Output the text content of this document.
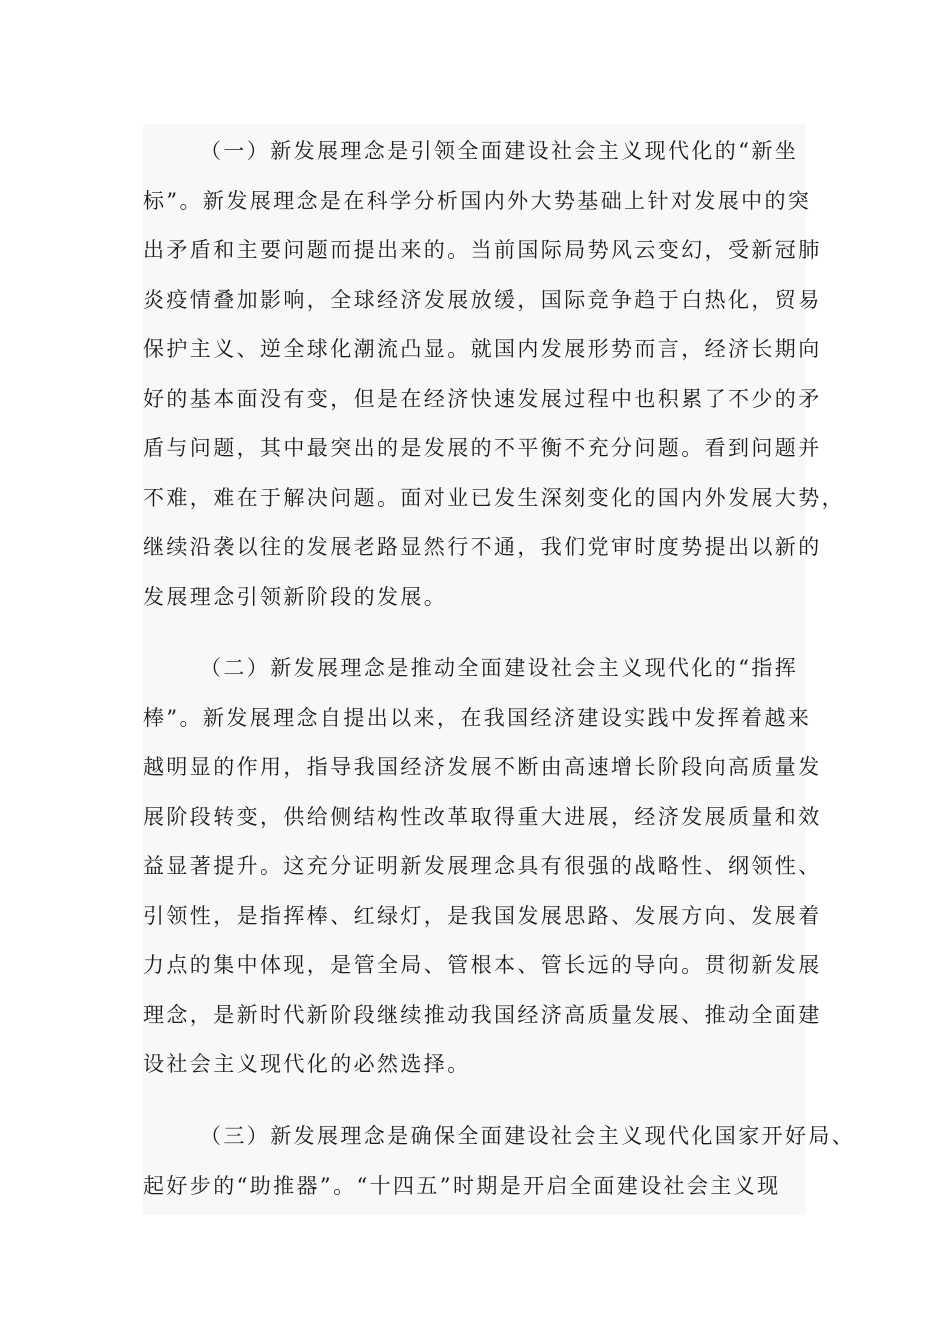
（一）新发展理念是引领全面建设社会主义现代化的“新坐
标”。新发展理念是在科学分析国内外大势基础上针对发展中的突
出矛盾和主要问题而提出来的。当前国际局势风云变幻，受新冠肺
炎疫情叠加影响，全球经济发展放缓，国际竞争趋于白热化，贸易
保护主义、逆全球化潮流凸显。就国内发展形势而言，经济长期向
好的基本面没有变，但是在经济快速发展过程中也积累了不少的矛
盾与问题，其中最突出的是发展的不平衡不充分问题。看到问题并
不难，难在于解决问题。面对业已发生深刻变化的国内外发展大势，
继续沿袭以往的发展老路显然行不通，我们党审时度势提出以新的
发展理念引领新阶段的发展。
（二）新发展理念是推动全面建设社会主义现代化的“指挥
棒”。新发展理念自提出以来，在我国经济建设实践中发挥着越来
越明显的作用，指导我国经济发展不断由高速增长阶段向高质量发
展阶段转变，供给侧结构性改革取得重大进展，经济发展质量和效
益显著提升。这充分证明新发展理念具有很强的战略性、纲领性、
引领性，是指挥棒、红绿灯，是我国发展思路、发展方向、发展着
力点的集中体现，是管全局、管根本、管长远的导向。贯彻新发展
理念，是新时代新阶段继续推动我国经济高质量发展、推动全面建
设社会主义现代化的必然选择。
（三）新发展理念是确保全面建设社会主义现代化国家开好局、
起好步的“助推器”。“十四五”时期是开启全面建设社会主义现
